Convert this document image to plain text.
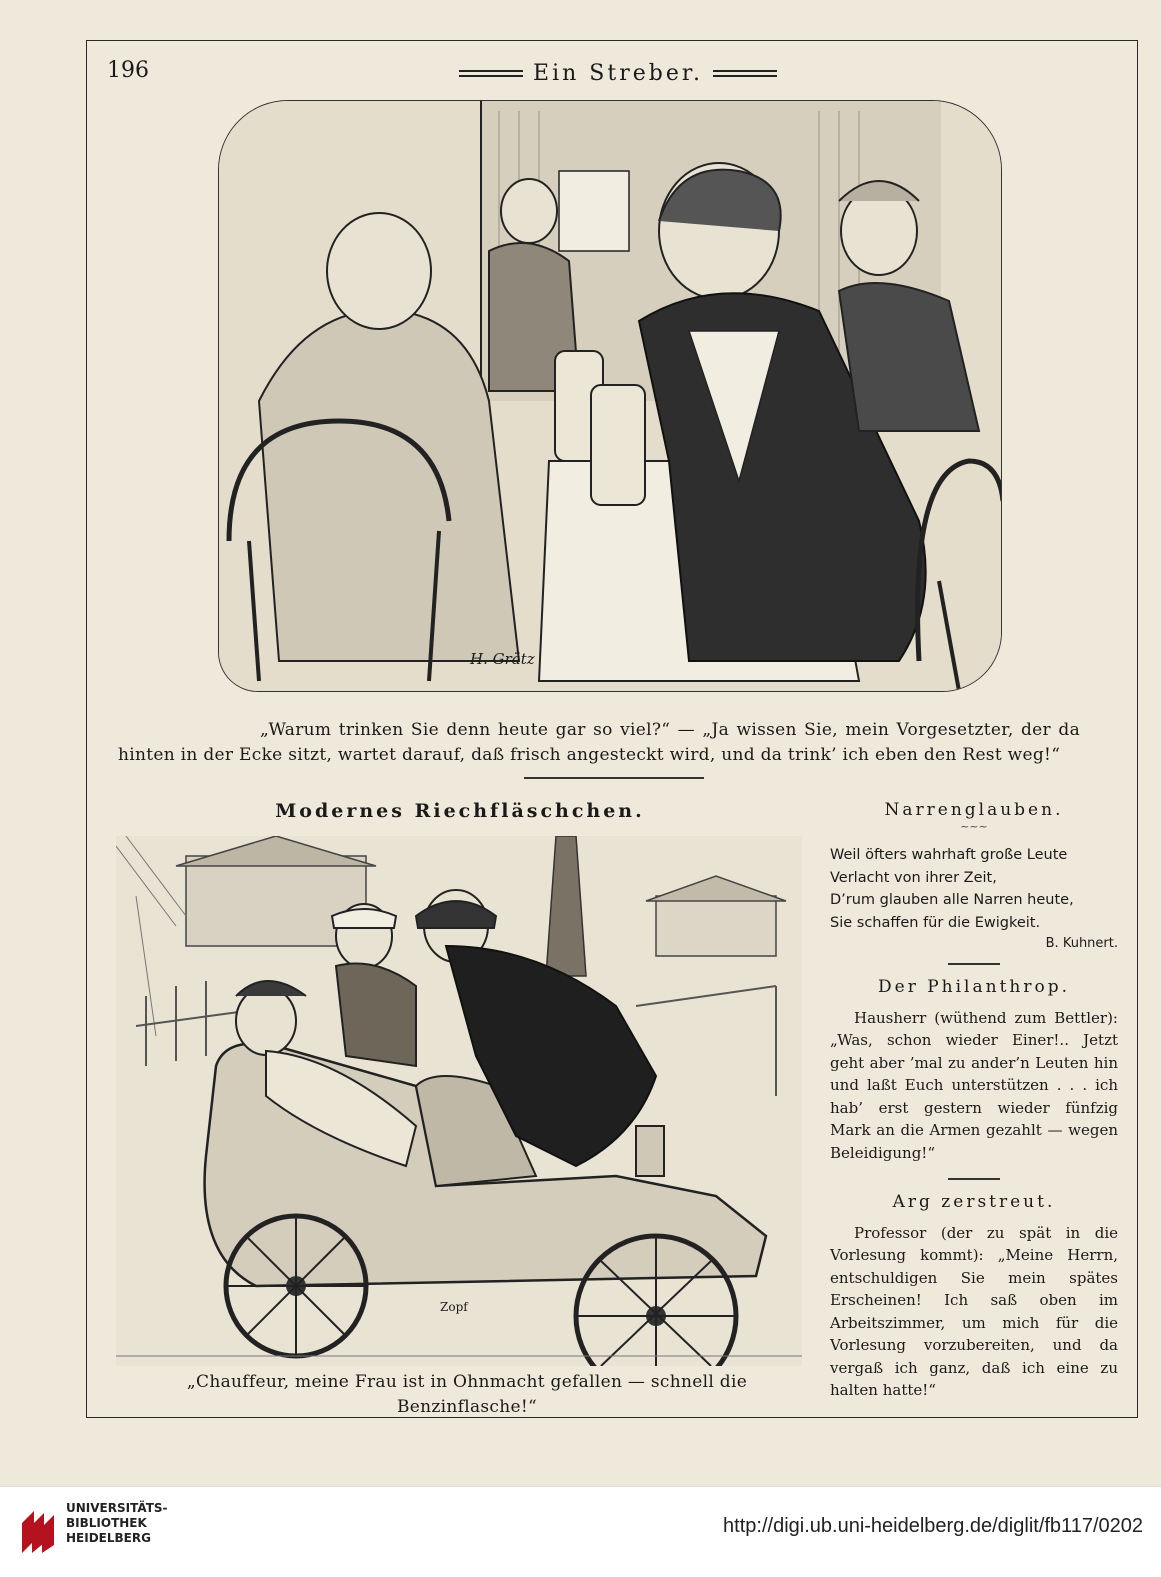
196	Ein Streber.
H. Grätz
„Warum trinken Sie denn heute gar so viel?“ — „Ja wissen Sie, mein Vorgesetzter, der da hinten in der Ecke sitzt, wartet darauf, daß frisch angesteckt wird, und da trink’ ich eben den Rest weg!“
Modernes Riechfläschchen.
Zopf
„Chauffeur, meine Frau ist in Ohnmacht gefallen — schnell die Benzinflasche!“

Narrenglauben.

~~~

Weil öfters wahrhaft große Leute

Verlacht von ihrer Zeit,

D’rum glauben alle Narren heute,

Sie schaffen für die Ewigkeit.

B. Kuhnert.

Der Philanthrop.

Hausherr (wüthend zum Bettler): „Was, schon wieder Einer!.. Jetzt geht aber ’mal zu ander’n Leuten hin und laßt Euch unterstützen . . . ich hab’ erst gestern wieder fünfzig Mark an die Armen gezahlt — wegen Beleidigung!“

Arg zerstreut.

Professor (der zu spät in die Vorlesung kommt): „Meine Herrn, entschuldigen Sie mein spätes Erscheinen! Ich saß oben im Arbeitszimmer, um mich für die Vorlesung vorzubereiten, und da vergaß ich ganz, daß ich eine zu halten hatte!“

UNIVERSITÄTS-
BIBLIOTHEK
HEIDELBERG
http://digi.ub.uni-heidelberg.de/diglit/fb117/0202
